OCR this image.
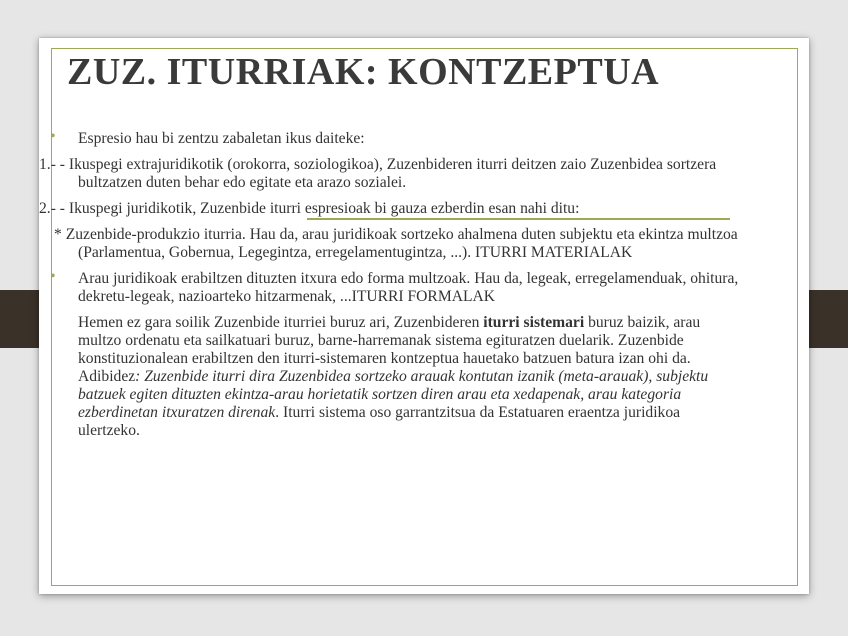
ZUZ. ITURRIAK: KONTZEPTUA
• Espresio hau bi zentzu zabaletan ikus daiteke:
1.- - Ikuspegi extrajuridikotik (orokorra, soziologikoa), Zuzenbideren iturri deitzen zaio Zuzenbidea sortzera bultzatzen duten behar edo egitate eta arazo sozialei.
2.- - Ikuspegi juridikotik, Zuzenbide iturri espresioak bi gauza ezberdin esan nahi ditu:
* Zuzenbide-produkzio iturria. Hau da, arau juridikoak sortzeko ahalmena duten subjektu eta ekintza multzoa (Parlamentua, Gobernua, Legegintza, erregelamentugintza, ...). ITURRI MATERIALAK
• Arau juridikoak erabiltzen dituzten itxura edo forma multzoak. Hau da, legeak, erregelamenduak, ohitura, dekretu-legeak, nazioarteko hitzarmenak, ...ITURRI FORMALAK
Hemen ez gara soilik Zuzenbide iturriei buruz ari, Zuzenbideren iturri sistemari buruz baizik, arau multzo ordenatu eta sailkatuari buruz, barne-harremanak sistema egituratzen duelarik. Zuzenbide konstituzionalean erabiltzen den iturri-sistemaren kontzeptua hauetako batzuen batura izan ohi da. Adibidez: Zuzenbide iturri dira Zuzenbidea sortzeko arauak kontutan izanik (meta-arauak), subjektu batzuek egiten dituzten ekintza-arau horietatik sortzen diren arau eta xedapenak, arau kategoria ezberdinetan itxuratzen direnak. Iturri sistema oso garrantzitsua da Estatuaren eraentza juridikoa ulertzeko.
